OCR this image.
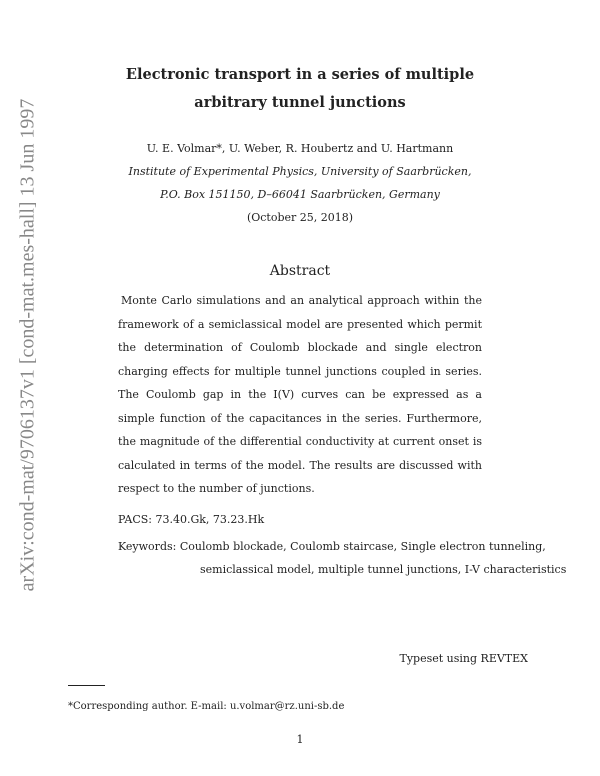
arXiv:cond-mat/9706137v1 [cond-mat.mes-hall] 13 Jun 1997
Electronic transport in a series of multiple
arbitrary tunnel junctions
U. E. Volmar*, U. Weber, R. Houbertz and U. Hartmann
Institute of Experimental Physics, University of Saarbrücken,
P.O. Box 151150, D–66041 Saarbrücken, Germany
(October 25, 2018)
Abstract
Monte Carlo simulations and an analytical approach within the framework of a semiclassical model are presented which permit the determination of Coulomb blockade and single electron charging effects for multiple tunnel junctions coupled in series. The Coulomb gap in the I(V) curves can be expressed as a simple function of the capacitances in the series. Furthermore, the magnitude of the differential conductivity at current onset is calculated in terms of the model. The results are discussed with respect to the number of junctions.
PACS: 73.40.Gk, 73.23.Hk
Keywords: Coulomb blockade, Coulomb staircase, Single electron tunneling,
semiclassical model, multiple tunnel junctions, I-V characteristics
Typeset using REVTEX
*Corresponding author. E-mail: u.volmar@rz.uni-sb.de
1
